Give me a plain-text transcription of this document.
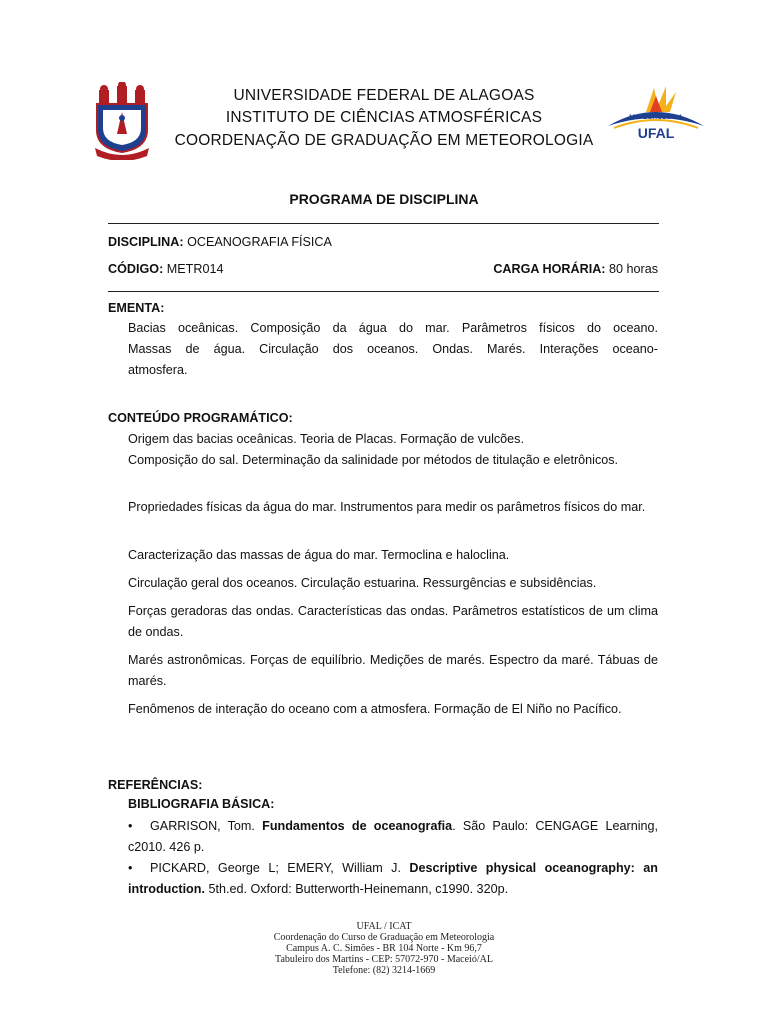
METEOROLOGIA
UFAL
UNIVERSIDADE FEDERAL DE ALAGOAS
INSTITUTO DE CIÊNCIAS ATMOSFÉRICAS
COORDENAÇÃO DE GRADUAÇÃO EM METEOROLOGIA
PROGRAMA DE DISCIPLINA
DISCIPLINA: OCEANOGRAFIA FÍSICA
CÓDIGO: METR014	CARGA HORÁRIA: 80 horas
EMENTA:
Bacias oceânicas. Composição da água do mar. Parâmetros físicos do oceano.
Massas de água. Circulação dos oceanos. Ondas. Marés. Interações oceano-
atmosfera.
CONTEÚDO PROGRAMÁTICO:
Origem das bacias oceânicas. Teoria de Placas. Formação de vulcões.
Composição do sal. Determinação da salinidade por métodos de titulação e eletrônicos.
Propriedades físicas da água do mar. Instrumentos para medir os parâmetros físicos do mar.
Caracterização das massas de água do mar. Termoclina e haloclina.
Circulação geral dos oceanos. Circulação estuarina. Ressurgências e subsidências.
Forças geradoras das ondas. Características das ondas. Parâmetros estatísticos de um clima de ondas.
Marés astronômicas. Forças de equilíbrio. Medições de marés. Espectro da maré. Tábuas de marés.
Fenômenos de interação do oceano com a atmosfera. Formação de El Niño no Pacífico.
REFERÊNCIAS:
BIBLIOGRAFIA BÁSICA:
• GARRISON, Tom. Fundamentos de oceanografia. São Paulo: CENGAGE Learning, c2010. 426 p.
• PICKARD, George L; EMERY, William J. Descriptive physical oceanography: an introduction. 5th.ed. Oxford: Butterworth-Heinemann, c1990. 320p.
UFAL / ICAT
Coordenação do Curso de Graduação em Meteorologia
Campus A. C. Simões - BR 104 Norte - Km 96,7
Tabuleiro dos Martins - CEP: 57072-970 - Maceió/AL
Telefone: (82) 3214-1669
